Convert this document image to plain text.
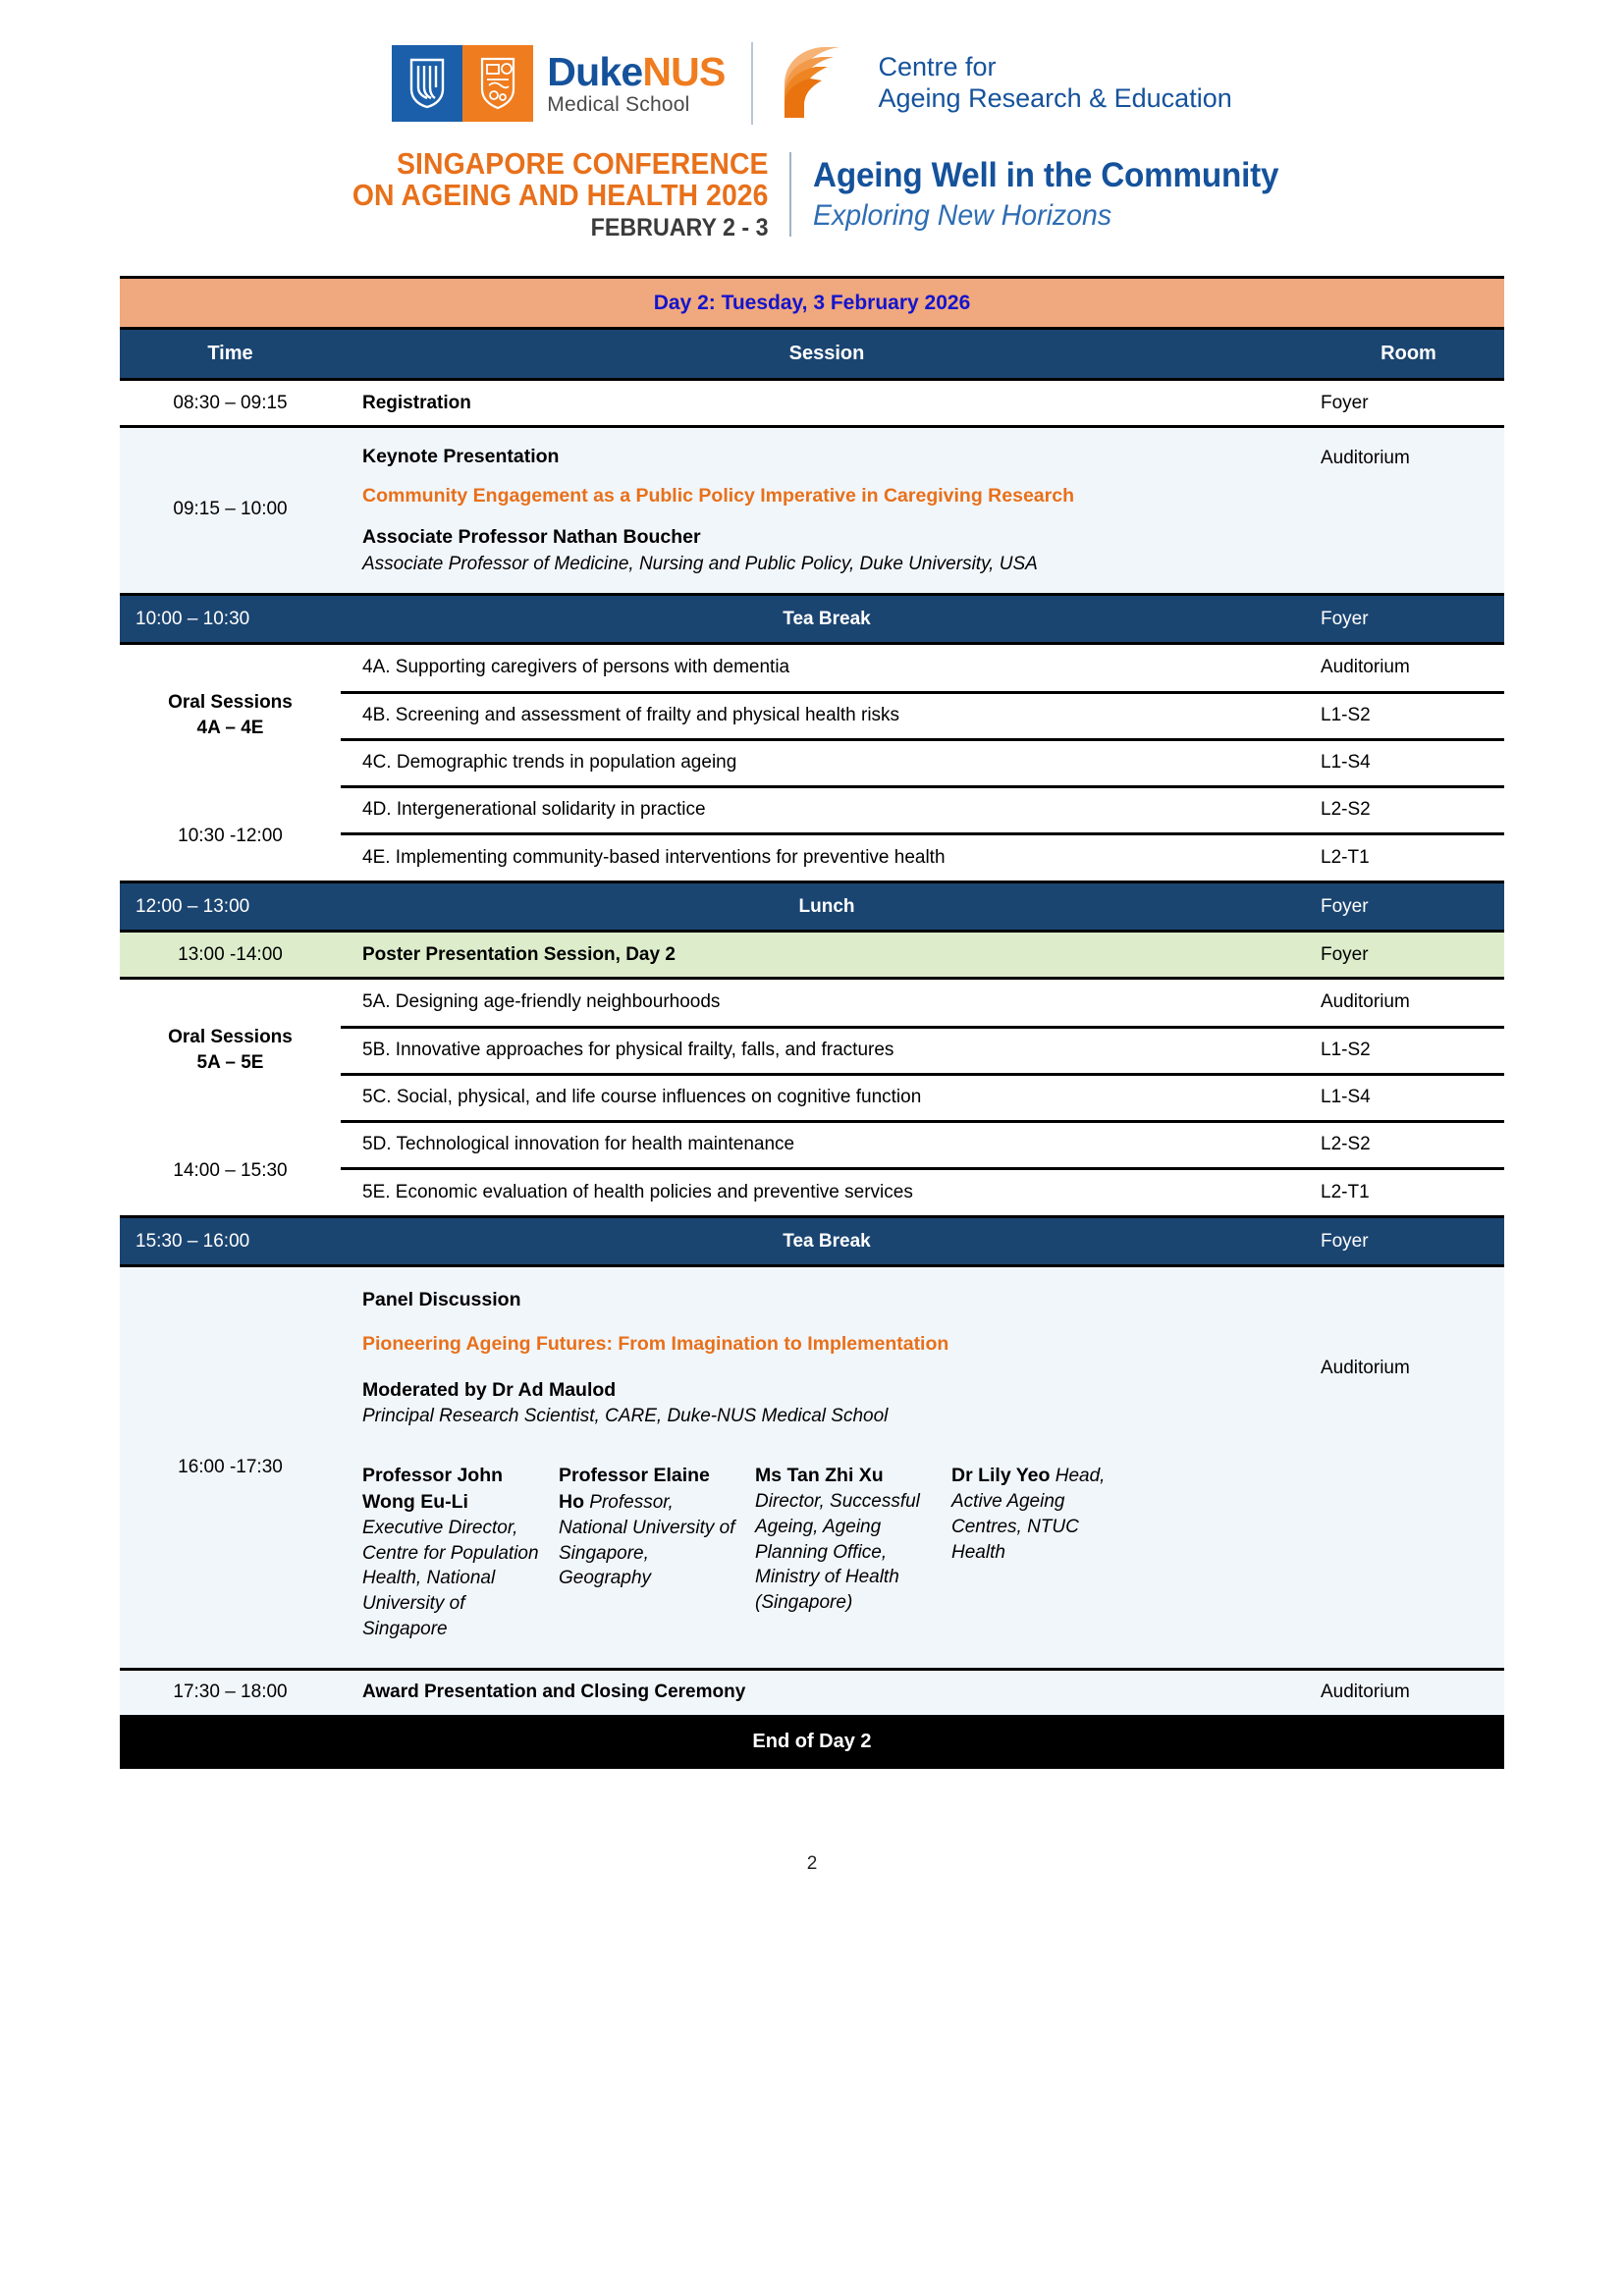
DukeNUS
Medical School
Centre for
Ageing Research & Education
SINGAPORE CONFERENCE
ON AGEING AND HEALTH 2026
FEBRUARY 2 - 3
Ageing Well in the Community
Exploring New Horizons
Day 2: Tuesday, 3 February 2026
Time	Session	Room
08:30 – 09:15	Registration	Foyer
09:15 – 10:00	
Keynote Presentation
Community Engagement as a Public Policy Imperative in Caregiving Research
Associate Professor Nathan Boucher
Associate Professor of Medicine, Nursing and Public Policy, Duke University, USA
	Auditorium
10:00 – 10:30	Tea Break	Foyer

Oral Sessions
4A – 4E
10:30 -12:00

4A. Supporting caregivers of persons with dementia	Auditorium
4B. Screening and assessment of frailty and physical health risks	L1-S2
4C. Demographic trends in population ageing	L1-S4
4D. Intergenerational solidarity in practice	L2-S2
4E. Implementing community-based interventions for preventive health	L2-T1

12:00 – 13:00	Lunch	Foyer
13:00 -14:00	Poster Presentation Session, Day 2	Foyer

Oral Sessions
5A – 5E
14:00 – 15:30

5A. Designing age-friendly neighbourhoods	Auditorium
5B. Innovative approaches for physical frailty, falls, and fractures	L1-S2
5C. Social, physical, and life course influences on cognitive function	L1-S4
5D. Technological innovation for health maintenance	L2-S2
5E. Economic evaluation of health policies and preventive services	L2-T1

15:30 – 16:00	Tea Break	Foyer
16:00 -17:30	
Panel Discussion
Pioneering Ageing Futures: From Imagination to Implementation
Moderated by Dr Ad Maulod
Principal Research Scientist, CARE, Duke-NUS Medical School
Professor John Wong Eu-Li Executive Director, Centre for Population Health, National University of Singapore
Professor Elaine Ho Professor, National University of Singapore, Geography
Ms Tan Zhi Xu Director, Successful Ageing, Ageing Planning Office, Ministry of Health (Singapore)
Dr Lily Yeo Head, Active Ageing Centres, NTUC Health
	Auditorium
17:30 – 18:00	Award Presentation and Closing Ceremony	Auditorium
End of Day 2
2
